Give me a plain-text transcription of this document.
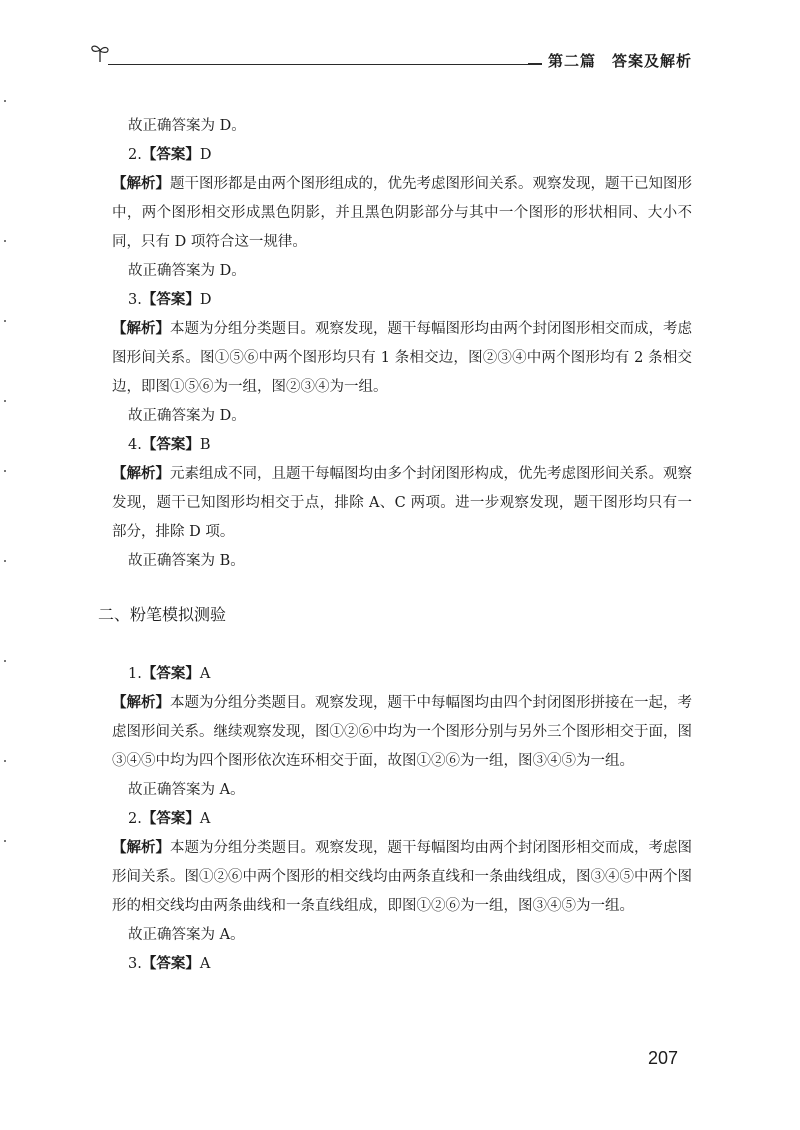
第二篇　答案及解析

故正确答案为 D。

2.【答案】D

【解析】题干图形都是由两个图形组成的，优先考虑图形间关系。观察发现，题干已知图形中，两个图形相交形成黑色阴影，并且黑色阴影部分与其中一个图形的形状相同、大小不同，只有 D 项符合这一规律。

故正确答案为 D。

3.【答案】D

【解析】本题为分组分类题目。观察发现，题干每幅图形均由两个封闭图形相交而成，考虑图形间关系。图①⑤⑥中两个图形均只有 1 条相交边，图②③④中两个图形均有 2 条相交边，即图①⑤⑥为一组，图②③④为一组。

故正确答案为 D。

4.【答案】B

【解析】元素组成不同，且题干每幅图均由多个封闭图形构成，优先考虑图形间关系。观察发现，题干已知图形均相交于点，排除 A、C 两项。进一步观察发现，题干图形均只有一部分，排除 D 项。

故正确答案为 B。

二、粉笔模拟测验

1.【答案】A

【解析】本题为分组分类题目。观察发现，题干中每幅图均由四个封闭图形拼接在一起，考虑图形间关系。继续观察发现，图①②⑥中均为一个图形分别与另外三个图形相交于面，图③④⑤中均为四个图形依次连环相交于面，故图①②⑥为一组，图③④⑤为一组。

故正确答案为 A。

2.【答案】A

【解析】本题为分组分类题目。观察发现，题干每幅图均由两个封闭图形相交而成，考虑图形间关系。图①②⑥中两个图形的相交线均由两条直线和一条曲线组成，图③④⑤中两个图形的相交线均由两条曲线和一条直线组成，即图①②⑥为一组，图③④⑤为一组。

故正确答案为 A。

3.【答案】A

207
